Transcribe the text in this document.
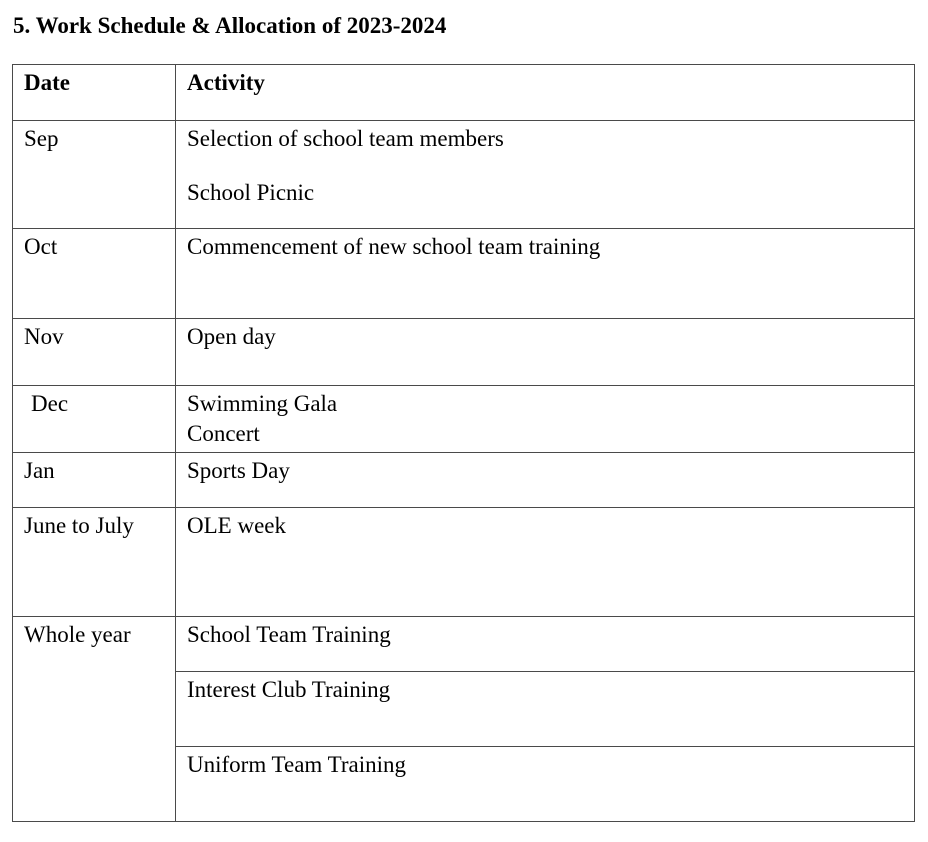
5. Work Schedule & Allocation of 2023-2024
Date	Activity
Sep	Selection of school team members
School Picnic

Oct	Commencement of new school team training

Nov	Open day

Dec	Swimming Gala
Concert

Jan	Sports Day

June to July	OLE week

Whole year	School Team Training

	Interest Club Training

	Uniform Team Training
